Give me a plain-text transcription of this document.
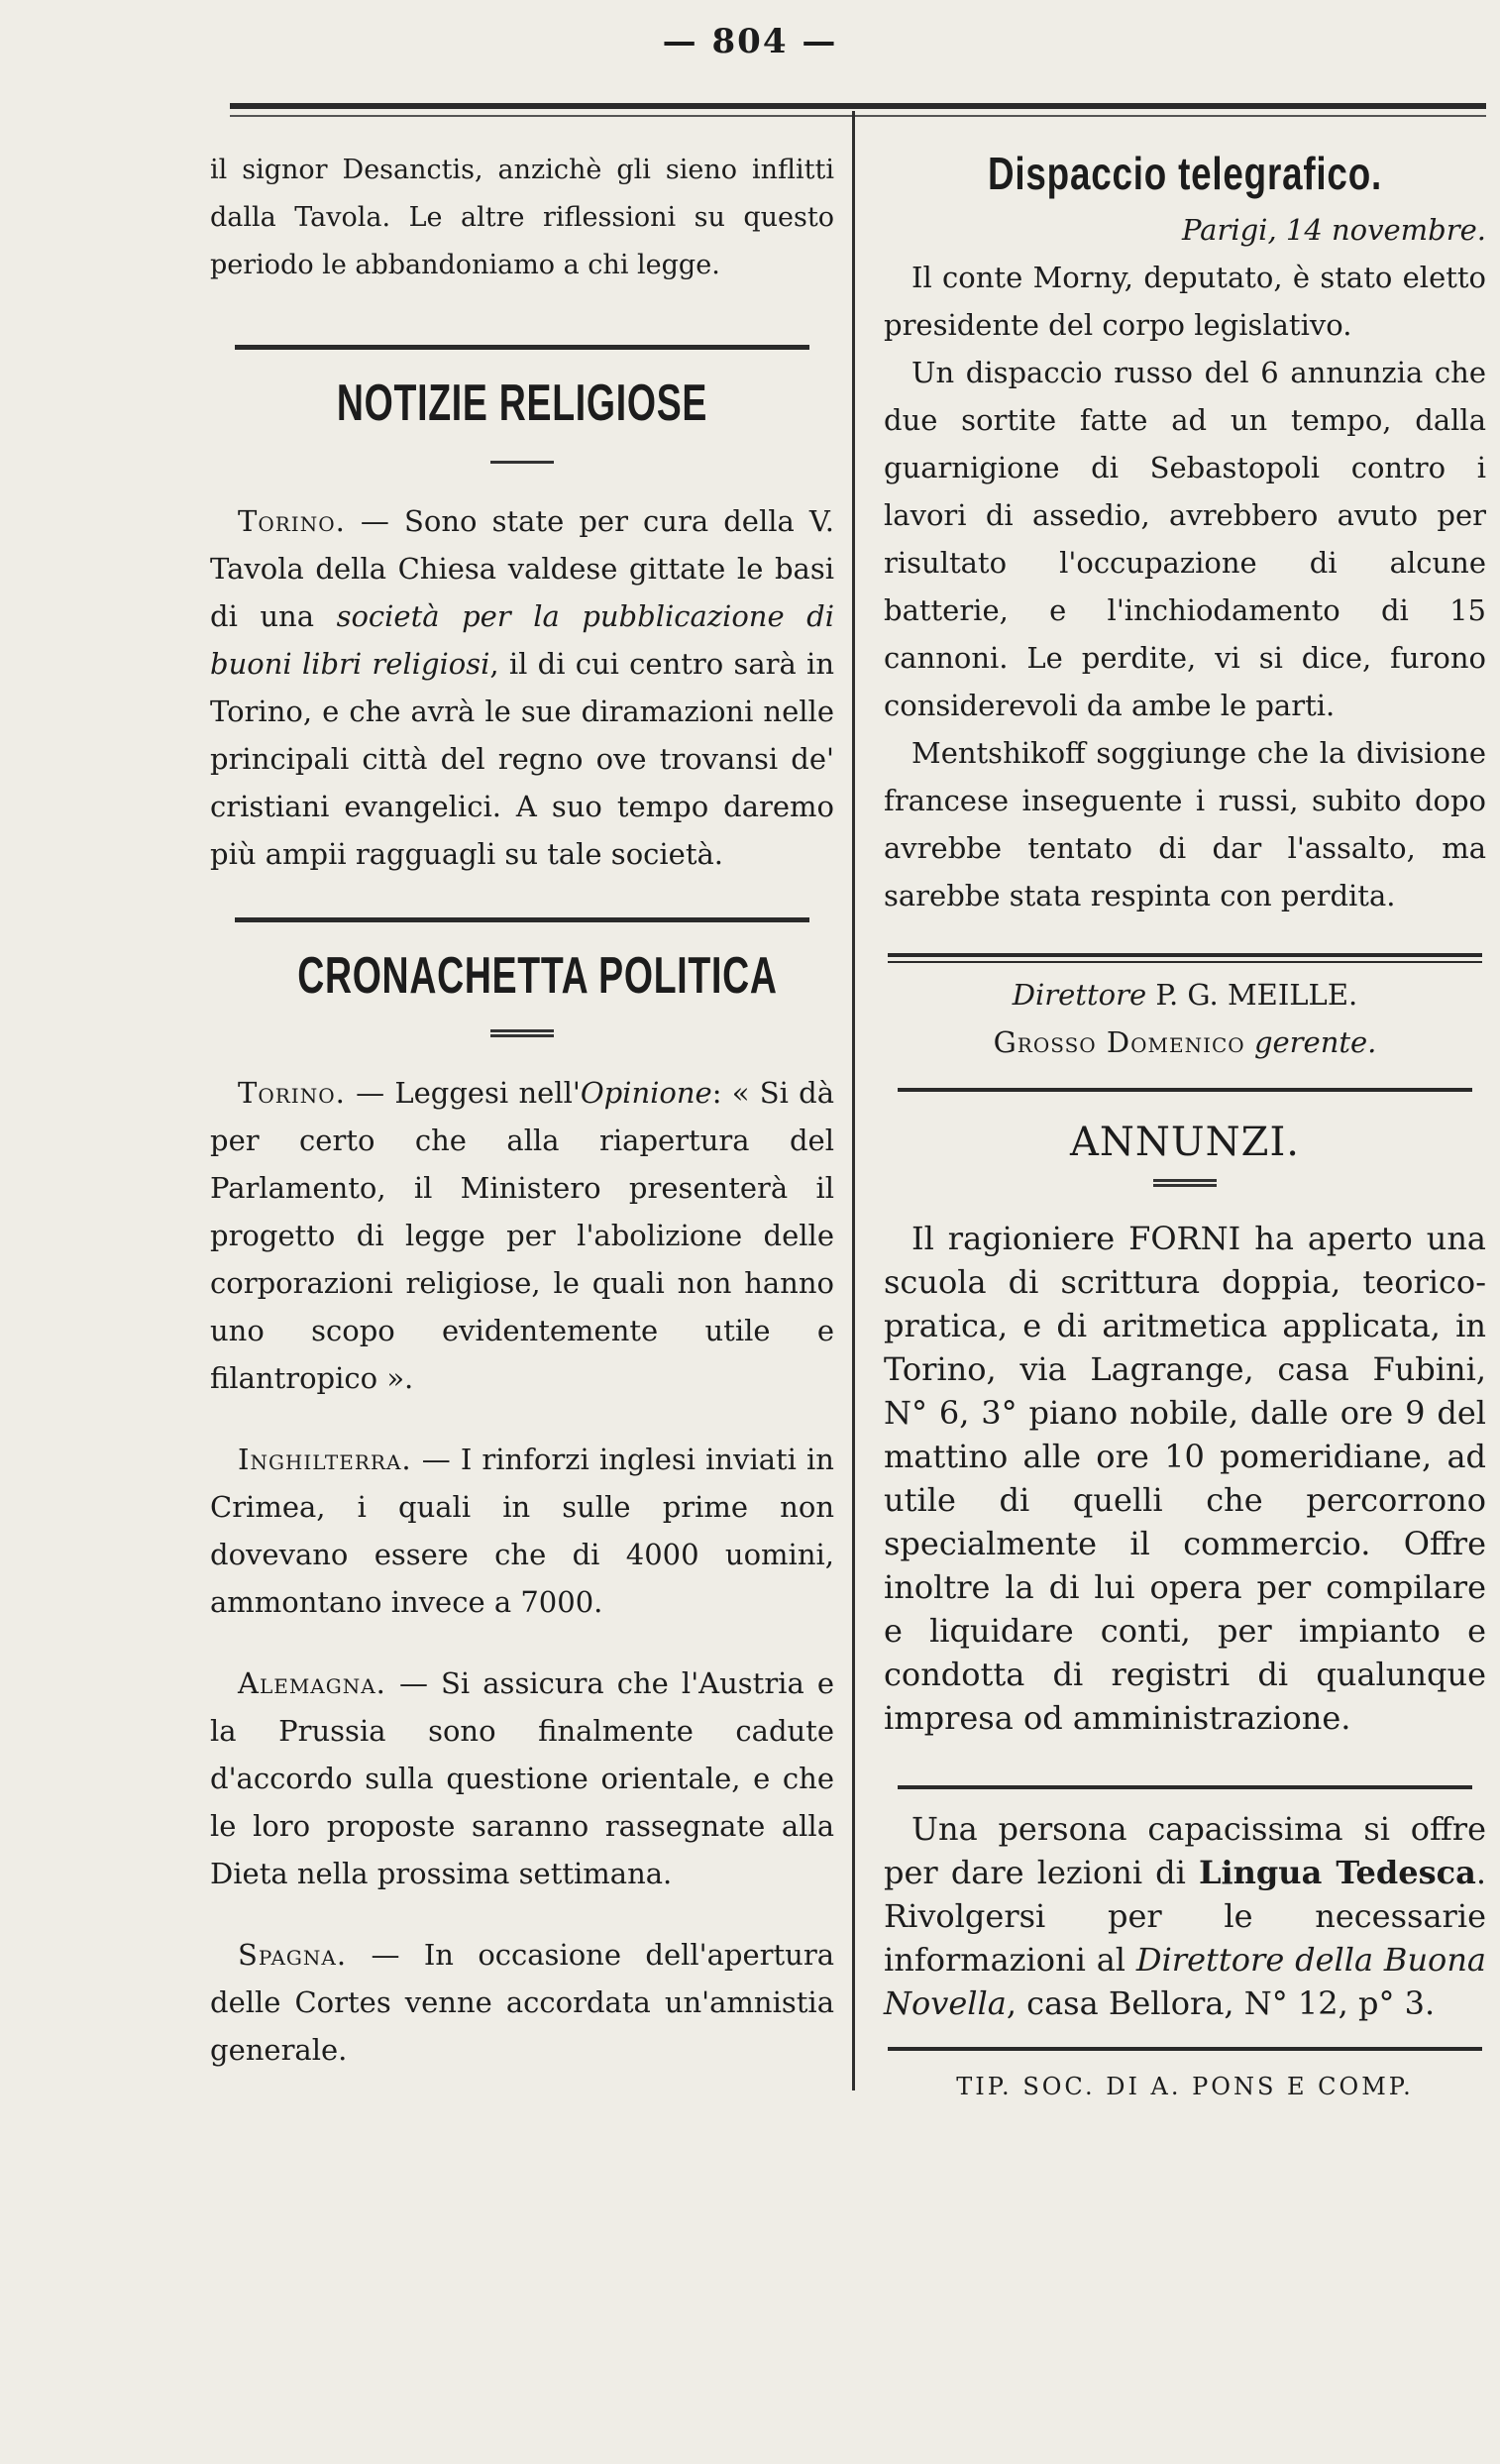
— 804 —

il signor Desanctis, anzichè gli sieno inflitti dalla Tavola. Le altre riflessioni su questo periodo le abbandoniamo a chi legge.

NOTIZIE RELIGIOSE

Torino. — Sono state per cura della V. Tavola della Chiesa valdese gittate le basi di una società per la pubblicazione di buoni libri religiosi, il di cui centro sarà in Torino, e che avrà le sue diramazioni nelle principali città del regno ove trovansi de' cristiani evangelici. A suo tempo daremo più ampii ragguagli su tale società.

CRONACHETTA POLITICA

Torino. — Leggesi nell'Opinione: « Si dà per certo che alla riapertura del Parlamento, il Ministero presenterà il progetto di legge per l'abolizione delle corporazioni religiose, le quali non hanno uno scopo evidentemente utile e filantropico ».

Inghilterra. — I rinforzi inglesi inviati in Crimea, i quali in sulle prime non dovevano essere che di 4000 uomini, ammontano invece a 7000.

Alemagna. — Si assicura che l'Austria e la Prussia sono finalmente cadute d'accordo sulla questione orientale, e che le loro proposte saranno rassegnate alla Dieta nella prossima settimana.

Spagna. — In occasione dell'apertura delle Cortes venne accordata un'amnistia generale.

Dispaccio telegrafico.

Parigi, 14 novembre.

Il conte Morny, deputato, è stato eletto presidente del corpo legislativo.

Un dispaccio russo del 6 annunzia che due sortite fatte ad un tempo, dalla guarnigione di Sebastopoli contro i lavori di assedio, avrebbero avuto per risultato l'occupazione di alcune batterie, e l'inchiodamento di 15 cannoni. Le perdite, vi si dice, furono considerevoli da ambe le parti.

Mentshikoff soggiunge che la divisione francese inseguente i russi, subito dopo avrebbe tentato di dar l'assalto, ma sarebbe stata respinta con perdita.

Direttore P. G. MEILLE.

Grosso Domenico gerente.

ANNUNZI.

Il ragioniere FORNI ha aperto una scuola di scrittura doppia, teorico-pratica, e di aritmetica applicata, in Torino, via Lagrange, casa Fubini, N° 6, 3° piano nobile, dalle ore 9 del mattino alle ore 10 pomeridiane, ad utile di quelli che percorrono specialmente il commercio. Offre inoltre la di lui opera per compilare e liquidare conti, per impianto e condotta di registri di qualunque impresa od amministrazione.

Una persona capacissima si offre per dare lezioni di Lingua Tedesca. Rivolgersi per le necessarie informazioni al Direttore della Buona Novella, casa Bellora, N° 12, p° 3.

TIP. SOC. DI A. PONS E COMP.
